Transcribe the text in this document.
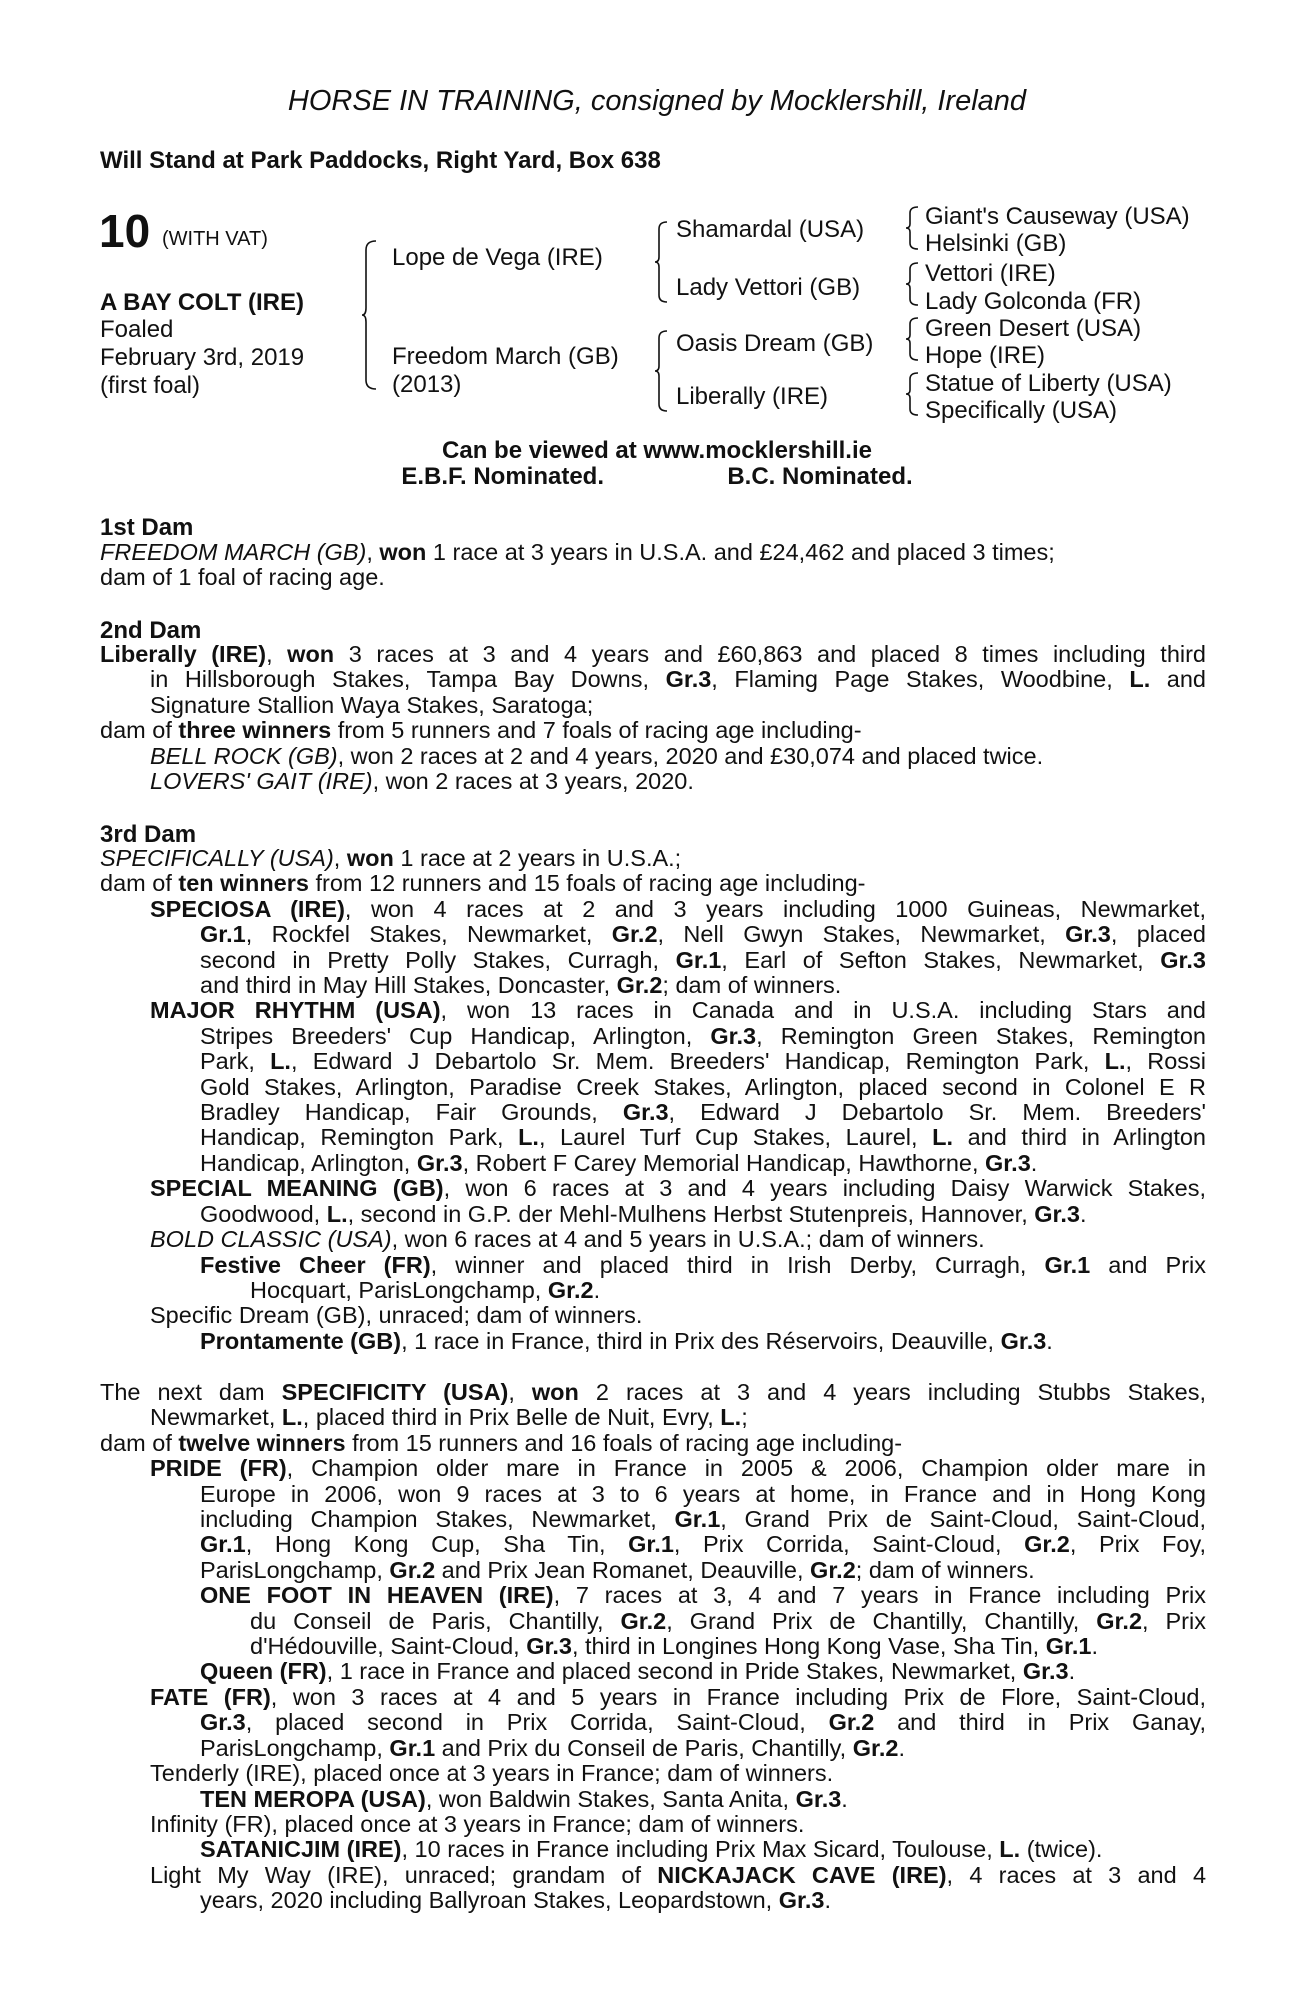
HORSE IN TRAINING, consigned by Mocklershill, Ireland
Will Stand at Park Paddocks, Right Yard, Box 638
10 (WITH VAT)
A BAY COLT (IRE)
Foaled
February 3rd, 2019
(first foal)
Lope de Vega (IRE)
Freedom March (GB)
(2013)
Shamardal (USA)
Lady Vettori (GB)
Oasis Dream (GB)
Liberally (IRE)
Giant's Causeway (USA)
Helsinki (GB)
Vettori (IRE)
Lady Golconda (FR)
Green Desert (USA)
Hope (IRE)
Statue of Liberty (USA)
Specifically (USA)
Can be viewed at www.mocklershill.ie
E.B.F. Nominated.	B.C. Nominated.
1st Dam
FREEDOM MARCH (GB), won 1 race at 3 years in U.S.A. and £24,462 and placed 3 times;
dam of 1 foal of racing age.
2nd Dam
Liberally (IRE), won 3 races at 3 and 4 years and £60,863 and placed 8 times including third
in Hillsborough Stakes, Tampa Bay Downs, Gr.3, Flaming Page Stakes, Woodbine, L. and
Signature Stallion Waya Stakes, Saratoga;
dam of three winners from 5 runners and 7 foals of racing age including-
BELL ROCK (GB), won 2 races at 2 and 4 years, 2020 and £30,074 and placed twice.
LOVERS' GAIT (IRE), won 2 races at 3 years, 2020.
3rd Dam
SPECIFICALLY (USA), won 1 race at 2 years in U.S.A.;
dam of ten winners from 12 runners and 15 foals of racing age including-
SPECIOSA (IRE), won 4 races at 2 and 3 years including 1000 Guineas, Newmarket,
Gr.1, Rockfel Stakes, Newmarket, Gr.2, Nell Gwyn Stakes, Newmarket, Gr.3, placed
second in Pretty Polly Stakes, Curragh, Gr.1, Earl of Sefton Stakes, Newmarket, Gr.3
and third in May Hill Stakes, Doncaster, Gr.2; dam of winners.
MAJOR RHYTHM (USA), won 13 races in Canada and in U.S.A. including Stars and
Stripes Breeders' Cup Handicap, Arlington, Gr.3, Remington Green Stakes, Remington
Park, L., Edward J Debartolo Sr. Mem. Breeders' Handicap, Remington Park, L., Rossi
Gold Stakes, Arlington, Paradise Creek Stakes, Arlington, placed second in Colonel E R
Bradley Handicap, Fair Grounds, Gr.3, Edward J Debartolo Sr. Mem. Breeders'
Handicap, Remington Park, L., Laurel Turf Cup Stakes, Laurel, L. and third in Arlington
Handicap, Arlington, Gr.3, Robert F Carey Memorial Handicap, Hawthorne, Gr.3.
SPECIAL MEANING (GB), won 6 races at 3 and 4 years including Daisy Warwick Stakes,
Goodwood, L., second in G.P. der Mehl-Mulhens Herbst Stutenpreis, Hannover, Gr.3.
BOLD CLASSIC (USA), won 6 races at 4 and 5 years in U.S.A.; dam of winners.
Festive Cheer (FR), winner and placed third in Irish Derby, Curragh, Gr.1 and Prix
Hocquart, ParisLongchamp, Gr.2.
Specific Dream (GB), unraced; dam of winners.
Prontamente (GB), 1 race in France, third in Prix des Réservoirs, Deauville, Gr.3.
The next dam SPECIFICITY (USA), won 2 races at 3 and 4 years including Stubbs Stakes,
Newmarket, L., placed third in Prix Belle de Nuit, Evry, L.;
dam of twelve winners from 15 runners and 16 foals of racing age including-
PRIDE (FR), Champion older mare in France in 2005 & 2006, Champion older mare in
Europe in 2006, won 9 races at 3 to 6 years at home, in France and in Hong Kong
including Champion Stakes, Newmarket, Gr.1, Grand Prix de Saint-Cloud, Saint-Cloud,
Gr.1, Hong Kong Cup, Sha Tin, Gr.1, Prix Corrida, Saint-Cloud, Gr.2, Prix Foy,
ParisLongchamp, Gr.2 and Prix Jean Romanet, Deauville, Gr.2; dam of winners.
ONE FOOT IN HEAVEN (IRE), 7 races at 3, 4 and 7 years in France including Prix
du Conseil de Paris, Chantilly, Gr.2, Grand Prix de Chantilly, Chantilly, Gr.2, Prix
d'Hédouville, Saint-Cloud, Gr.3, third in Longines Hong Kong Vase, Sha Tin, Gr.1.
Queen (FR), 1 race in France and placed second in Pride Stakes, Newmarket, Gr.3.
FATE (FR), won 3 races at 4 and 5 years in France including Prix de Flore, Saint-Cloud,
Gr.3, placed second in Prix Corrida, Saint-Cloud, Gr.2 and third in Prix Ganay,
ParisLongchamp, Gr.1 and Prix du Conseil de Paris, Chantilly, Gr.2.
Tenderly (IRE), placed once at 3 years in France; dam of winners.
TEN MEROPA (USA), won Baldwin Stakes, Santa Anita, Gr.3.
Infinity (FR), placed once at 3 years in France; dam of winners.
SATANICJIM (IRE), 10 races in France including Prix Max Sicard, Toulouse, L. (twice).
Light My Way (IRE), unraced; grandam of NICKAJACK CAVE (IRE), 4 races at 3 and 4
years, 2020 including Ballyroan Stakes, Leopardstown, Gr.3.
